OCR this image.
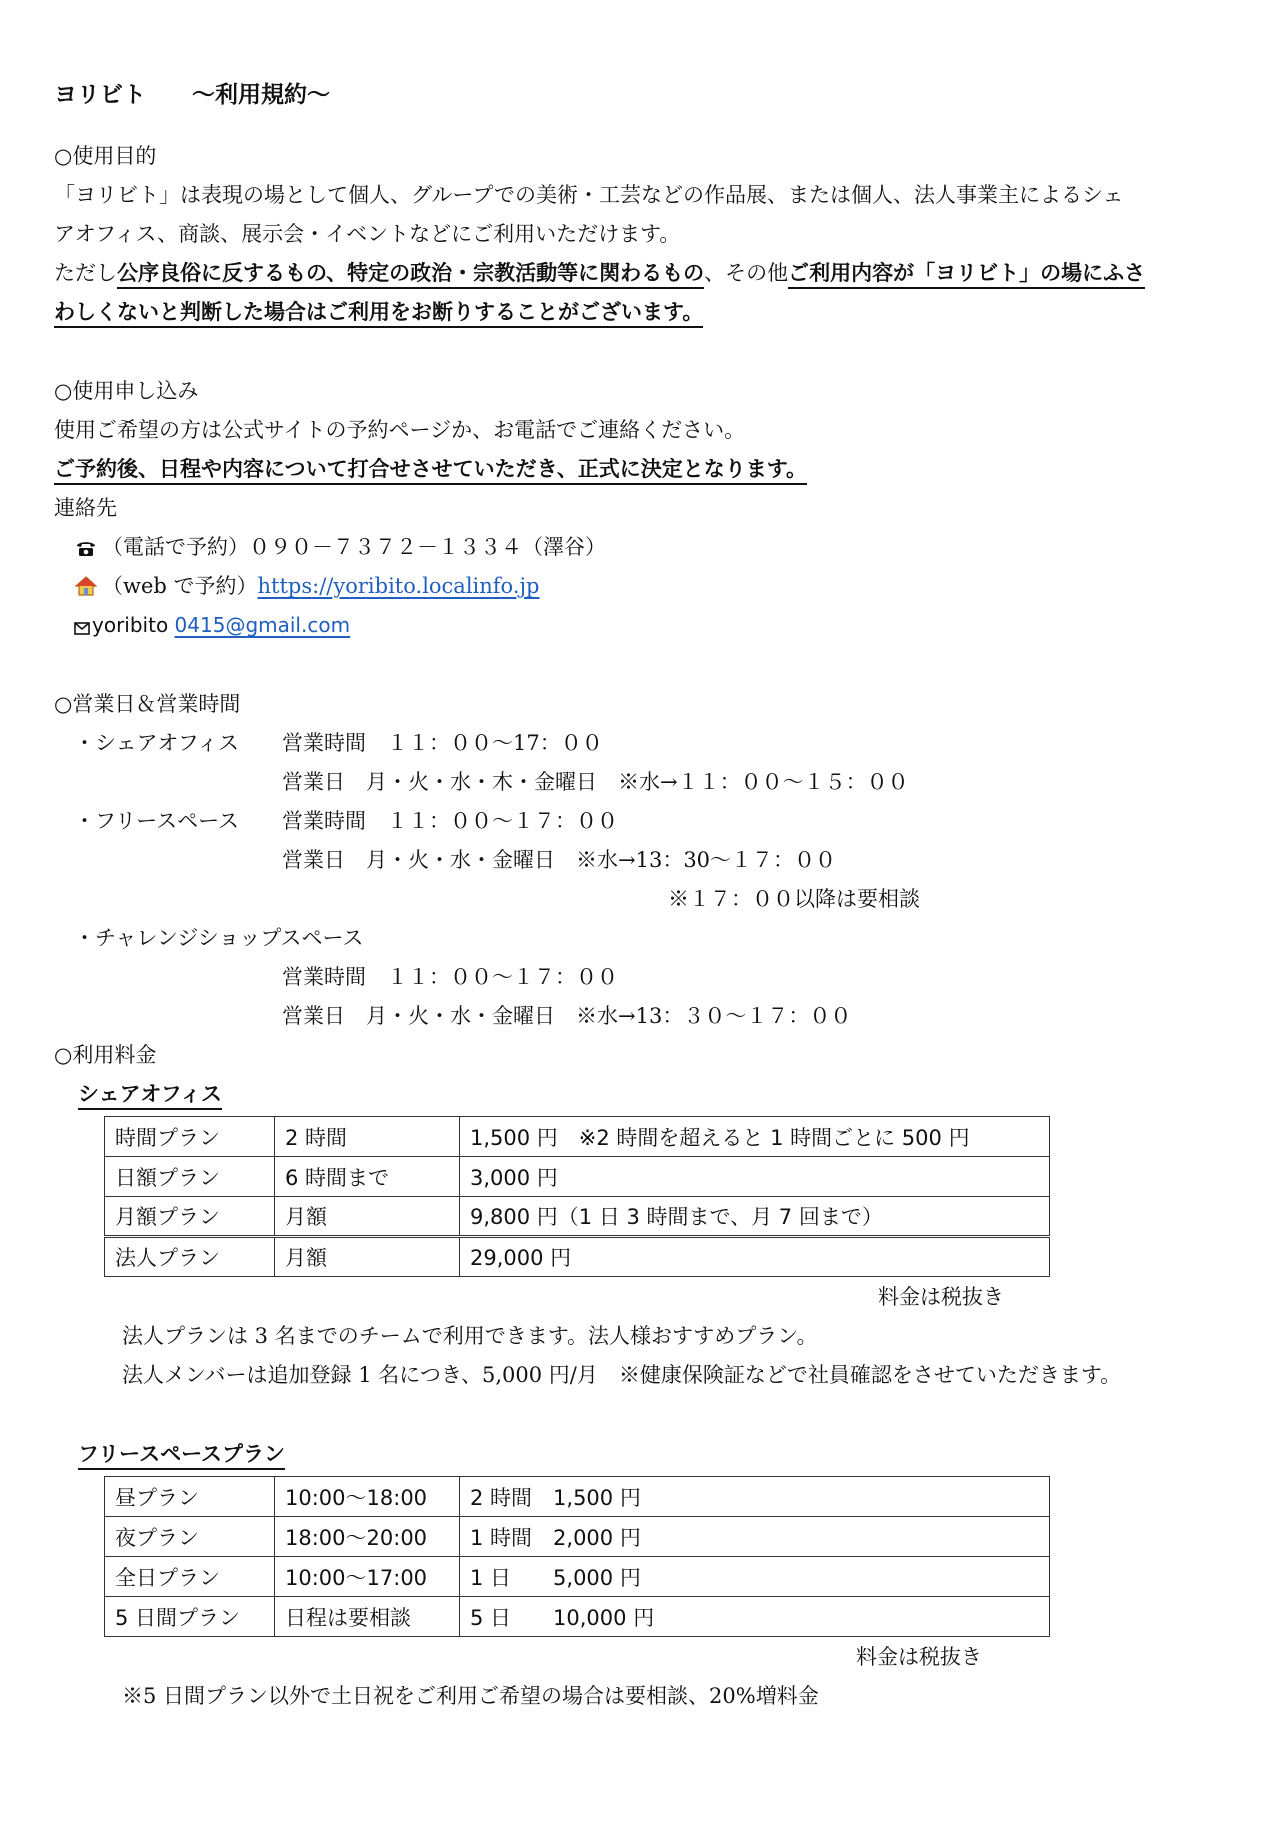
ヨリビト　　〜利用規約〜
○使用目的
「ヨリビト」は表現の場として個人、グループでの美術・工芸などの作品展、または個人、法人事業主によるシェ
アオフィス、商談、展示会・イベントなどにご利用いただけます。
ただし公序良俗に反するもの、特定の政治・宗教活動等に関わるもの、その他ご利用内容が「ヨリビト」の場にふさ
わしくないと判断した場合はご利用をお断りすることがございます。
○使用申し込み
使用ご希望の方は公式サイトの予約ページか、お電話でご連絡ください。
ご予約後、日程や内容について打合せさせていただき、正式に決定となります。
連絡先
（電話で予約）０９０－７３７２－１３３４（澤谷）
（web で予約）https://yoribito.localinfo.jp
yoribito 0415@gmail.com
○営業日＆営業時間
・シェアオフィス 営業時間　１１：００～17：００
営業日　月・火・水・木・金曜日　※水→１１：００～１５：００
・フリースペース 営業時間　１１：００～１７：００
営業日　月・火・水・金曜日　※水→13：30～１７：００
※１７：００以降は要相談
・チャレンジショップスペース
営業時間　１１：００～１７：００
営業日　月・火・水・金曜日　※水→13：３０～１７：００
○利用料金
シェアオフィス
時間プラン	2 時間	1,500 円　※2 時間を超えると 1 時間ごとに 500 円
日額プラン	6 時間まで	3,000 円
月額プラン	月額	9,800 円（1 日 3 時間まで、月 7 回まで）
法人プラン	月額	29,000 円
料金は税抜き
法人プランは 3 名までのチームで利用できます。法人様おすすめプラン。
法人メンバーは追加登録 1 名につき、5,000 円/月　※健康保険証などで社員確認をさせていただきます。
フリースペースプラン
昼プラン	10:00～18:00	2 時間　1,500 円
夜プラン	18:00～20:00	1 時間　2,000 円
全日プラン	10:00～17:00	1 日　　5,000 円
5 日間プラン	日程は要相談	5 日　　10,000 円
料金は税抜き
※5 日間プラン以外で土日祝をご利用ご希望の場合は要相談、20%増料金
